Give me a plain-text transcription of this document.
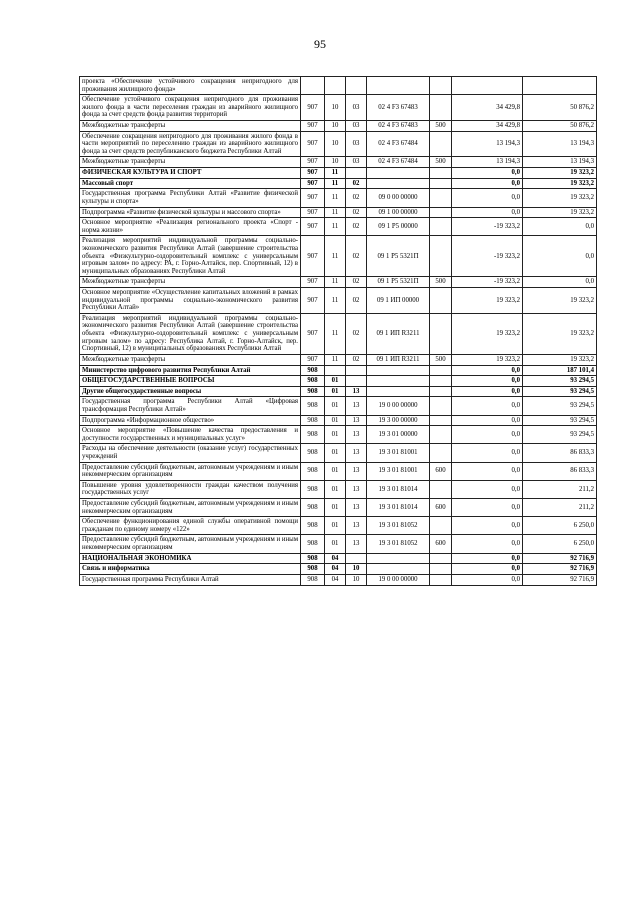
95
проекта «Обеспечение устойчивого сокращения непригодного для проживания жилищного фонда»							
Обеспечение устойчивого сокращения непригодного для проживания жилого фонда в части переселения граждан из аварийного жилищного фонда за счет средств фонда развития территорий	907	10	03	02 4 F3 67483		34 429,8	50 876,2
Межбюджетные трансферты	907	10	03	02 4 F3 67483	500	34 429,8	50 876,2
Обеспечение сокращения непригодного для проживания жилого фонда в части мероприятий по переселению граждан из аварийного жилищного фонда за счет средств республиканского бюджета Республики Алтай	907	10	03	02 4 F3 67484		13 194,3	13 194,3
Межбюджетные трансферты	907	10	03	02 4 F3 67484	500	13 194,3	13 194,3
ФИЗИЧЕСКАЯ КУЛЬТУРА И СПОРТ	907	11				0,0	19 323,2
Массовый спорт	907	11	02			0,0	19 323,2
Государственная программа Республики Алтай «Развитие физической культуры и спорта»	907	11	02	09 0 00 00000		0,0	19 323,2
Подпрограмма «Развитие физической культуры и массового спорта»	907	11	02	09 1 00 00000		0,0	19 323,2
Основное мероприятие «Реализация регионального проекта «Спорт - норма жизни»	907	11	02	09 1 P5 00000		-19 323,2	0,0
Реализация мероприятий индивидуальной программы социально-экономического развития Республики Алтай (завершение строительства объекта «Физкультурно-оздоровительный комплекс с универсальным игровым залом» по адресу: РА, г. Горно-Алтайск, пер. Спортивный, 12) в муниципальных образованиях Республики Алтай	907	11	02	09 1 P5 5321П		-19 323,2	0,0
Межбюджетные трансферты	907	11	02	09 1 P5 5321П	500	-19 323,2	0,0
Основное мероприятие «Осуществление капитальных вложений в рамках индивидуальной программы социально-экономического развития Республики Алтай»	907	11	02	09 1 ИП 00000		19 323,2	19 323,2
Реализация мероприятий индивидуальной программы социально-экономического развития Республики Алтай (завершение строительства объекта «Физкультурно-оздоровительный комплекс с универсальным игровым залом» по адресу: Республика Алтай, г. Горно-Алтайск, пер. Спортивный, 12) в муниципальных образованиях Республики Алтай	907	11	02	09 1 ИП R3211		19 323,2	19 323,2
Межбюджетные трансферты	907	11	02	09 1 ИП R3211	500	19 323,2	19 323,2
Министерство цифрового развития Республики Алтай	908					0,0	187 101,4
ОБЩЕГОСУДАРСТВЕННЫЕ ВОПРОСЫ	908	01				0,0	93 294,5
Другие общегосударственные вопросы	908	01	13			0,0	93 294,5
Государственная программа Республики Алтай «Цифровая трансформация Республики Алтай»	908	01	13	19 0 00 00000		0,0	93 294,5
Подпрограмма «Информационное общество»	908	01	13	19 3 00 00000		0,0	93 294,5
Основное мероприятие «Повышение качества предоставления и доступности государственных и муниципальных услуг»	908	01	13	19 3 01 00000		0,0	93 294,5
Расходы на обеспечение деятельности (оказание услуг) государственных учреждений	908	01	13	19 3 01 81001		0,0	86 833,3
Предоставление субсидий бюджетным, автономным учреждениям и иным некоммерческим организациям	908	01	13	19 3 01 81001	600	0,0	86 833,3
Повышение уровня удовлетворенности граждан качеством получения государственных услуг	908	01	13	19 3 01 81014		0,0	211,2
Предоставление субсидий бюджетным, автономным учреждениям и иным некоммерческим организациям	908	01	13	19 3 01 81014	600	0,0	211,2
Обеспечение функционирования единой службы оперативной помощи гражданам по единому номеру «122»	908	01	13	19 3 01 81052		0,0	6 250,0
Предоставление субсидий бюджетным, автономным учреждениям и иным некоммерческим организациям	908	01	13	19 3 01 81052	600	0,0	6 250,0
НАЦИОНАЛЬНАЯ ЭКОНОМИКА	908	04				0,0	92 716,9
Связь и информатика	908	04	10			0,0	92 716,9
Государственная программа Республики Алтай	908	04	10	19 0 00 00000		0,0	92 716,9
